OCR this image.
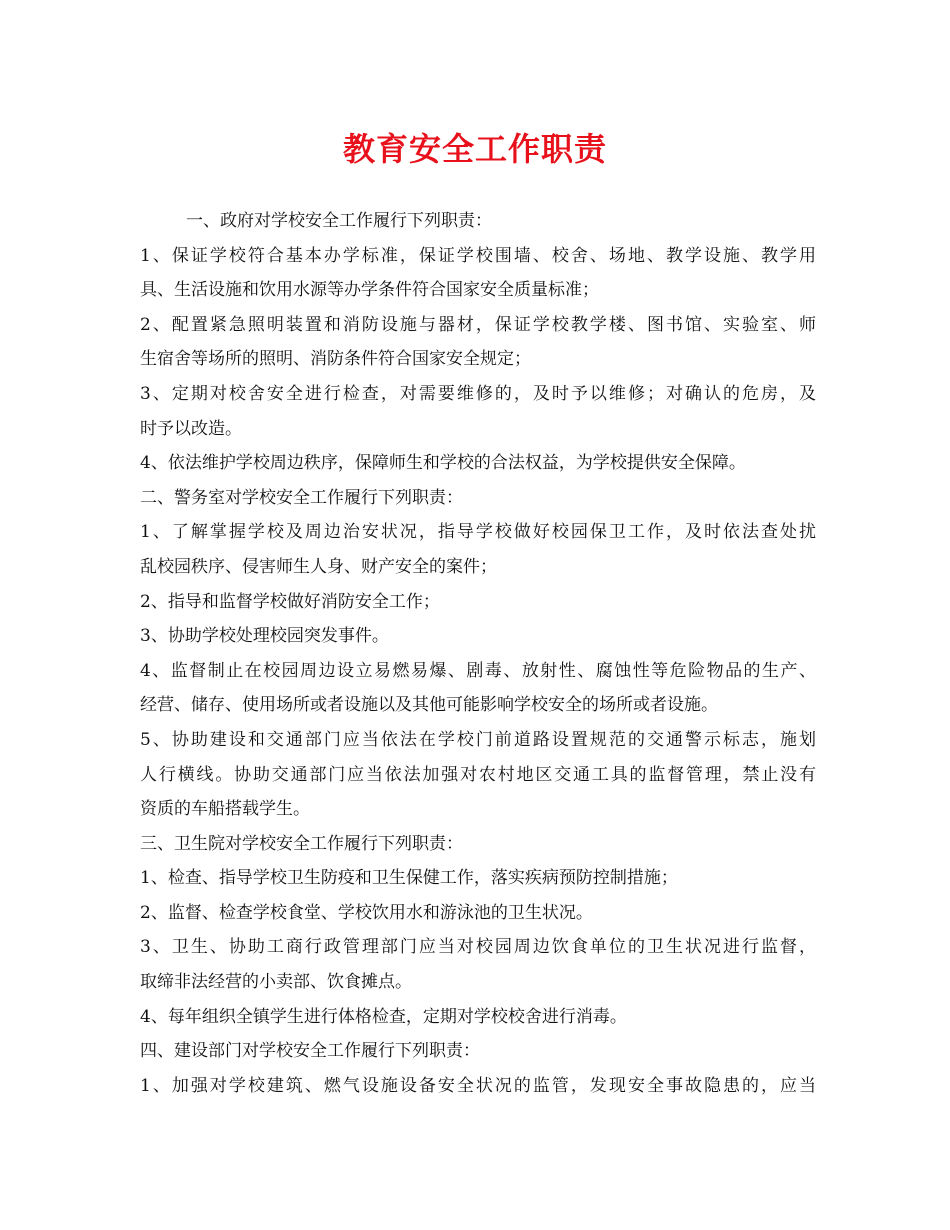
教育安全工作职责
一、政府对学校安全工作履行下列职责：
1、保证学校符合基本办学标准，保证学校围墙、校舍、场地、教学设施、教学用
具、生活设施和饮用水源等办学条件符合国家安全质量标准；
2、配置紧急照明装置和消防设施与器材，保证学校教学楼、图书馆、实验室、师
生宿舍等场所的照明、消防条件符合国家安全规定；
3、定期对校舍安全进行检查，对需要维修的，及时予以维修；对确认的危房，及
时予以改造。
4、依法维护学校周边秩序，保障师生和学校的合法权益，为学校提供安全保障。
二、警务室对学校安全工作履行下列职责：
1、了解掌握学校及周边治安状况，指导学校做好校园保卫工作，及时依法查处扰
乱校园秩序、侵害师生人身、财产安全的案件；
2、指导和监督学校做好消防安全工作；
3、协助学校处理校园突发事件。
4、监督制止在校园周边设立易燃易爆、剧毒、放射性、腐蚀性等危险物品的生产、
经营、储存、使用场所或者设施以及其他可能影响学校安全的场所或者设施。
5、协助建设和交通部门应当依法在学校门前道路设置规范的交通警示标志，施划
人行横线。协助交通部门应当依法加强对农村地区交通工具的监督管理，禁止没有
资质的车船搭载学生。
三、卫生院对学校安全工作履行下列职责：
1、检查、指导学校卫生防疫和卫生保健工作，落实疾病预防控制措施；
2、监督、检查学校食堂、学校饮用水和游泳池的卫生状况。
3、卫生、协助工商行政管理部门应当对校园周边饮食单位的卫生状况进行监督，
取缔非法经营的小卖部、饮食摊点。
4、每年组织全镇学生进行体格检查，定期对学校校舍进行消毒。
四、建设部门对学校安全工作履行下列职责：
1、加强对学校建筑、燃气设施设备安全状况的监管，发现安全事故隐患的，应当
